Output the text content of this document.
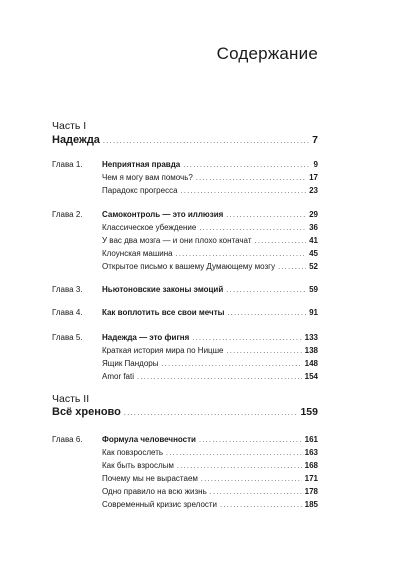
Содержание
Часть I
Надежда .....	7
Глава 1.	Неприятная правда .....	9
Чем я могу вам помочь? .....	17
Парадокс прогресса .....	23
Глава 2.	Самоконтроль — это иллюзия .....	29
Классическое убеждение .....	36
У вас два мозга — и они плохо контачат .....	41
Клоунская машина .....	45
Открытое письмо к вашему Думающему мозгу .....	52
Глава 3.	Ньютоновские законы эмоций .....	59
Глава 4.	Как воплотить все свои мечты .....	91
Глава 5.	Надежда — это фигня .....	133
Краткая история мира по Ницше .....	138
Ящик Пандоры .....	148
Amor fati .....	154
Часть II
Всё хреново .....	159
Глава 6.	Формула человечности .....	161
Как повзрослеть .....	163
Как быть взрослым .....	168
Почему мы не вырастаем .....	171
Одно правило на всю жизнь .....	178
Современный кризис зрелости .....	185
